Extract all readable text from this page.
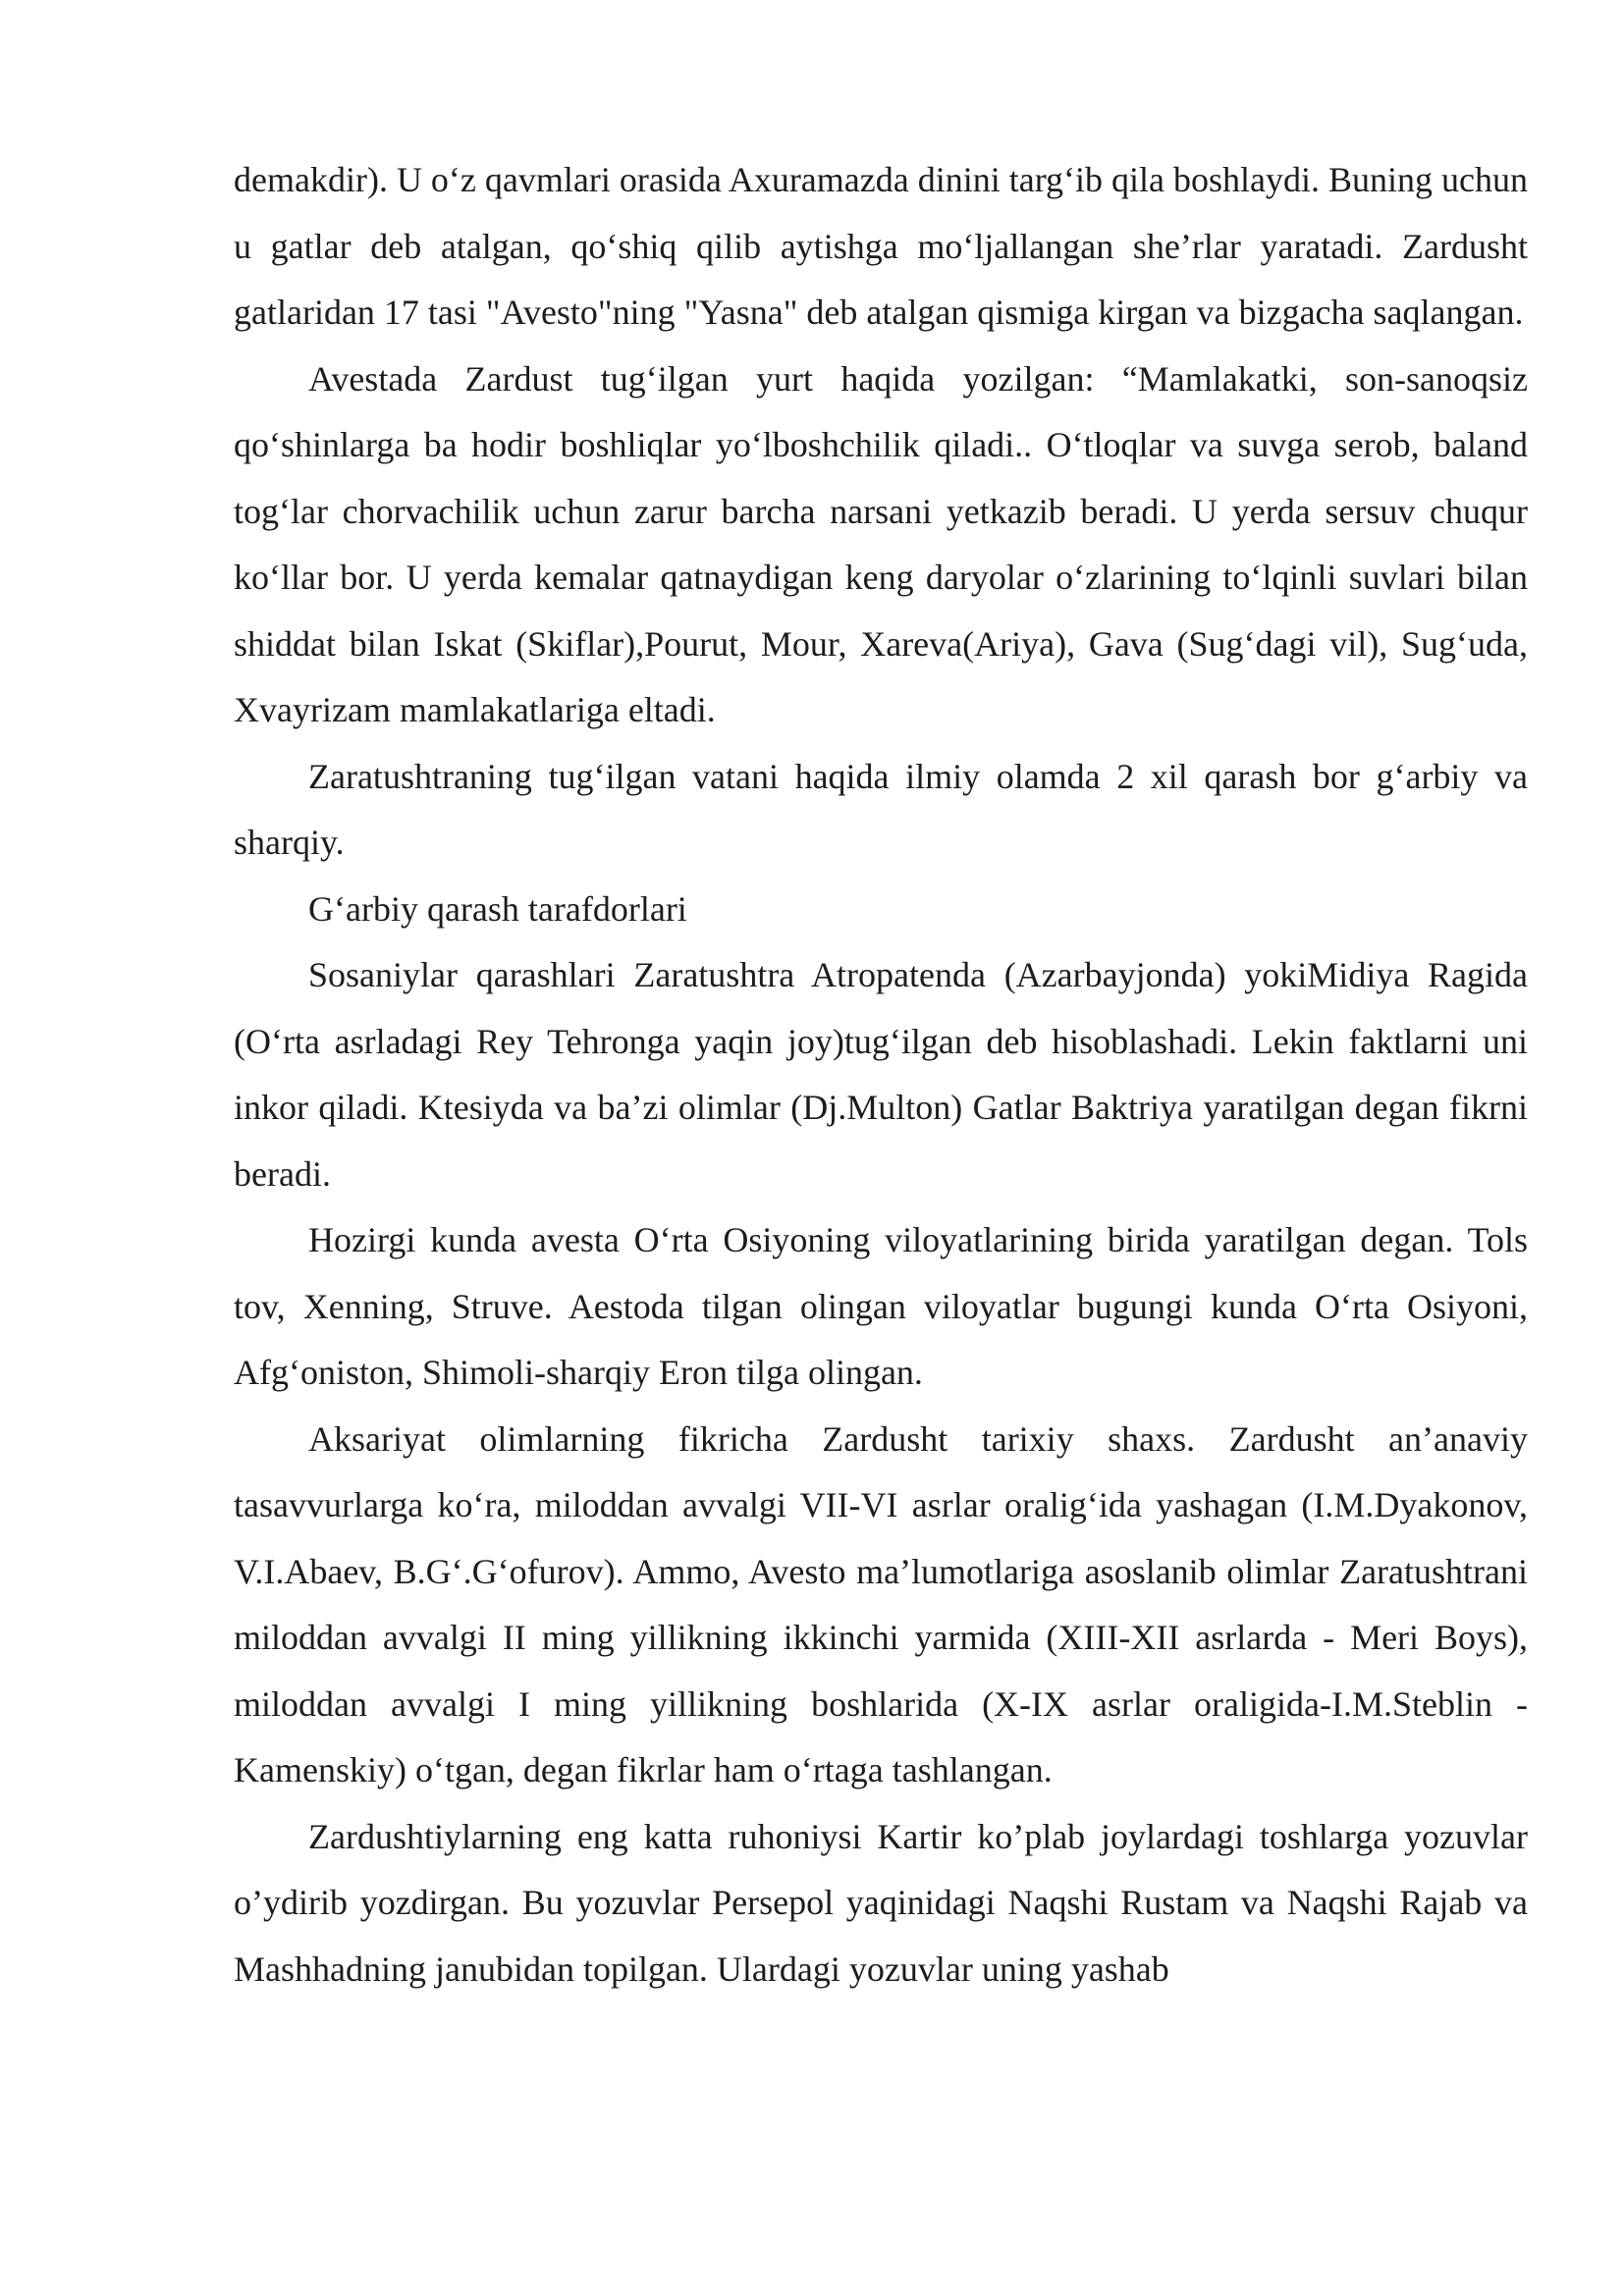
demakdir). U o‘z qavmlari orasida Axuramazda dinini targ‘ib qila boshlaydi. Buning uchun u gatlar deb atalgan, qo‘shiq qilib aytishga mo‘ljallangan she’rlar yaratadi. Zardusht gatlaridan 17 tasi "Avesto"ning "Yasna" deb atalgan qismiga kirgan va bizgacha saqlangan.

Avestada Zardust tug‘ilgan yurt haqida yozilgan: “Mamlakatki, son-sanoqsiz qo‘shinlarga ba hodir boshliqlar yo‘lboshchilik qiladi.. O‘tloqlar va suvga serob, baland tog‘lar chorvachilik uchun zarur barcha narsani yetkazib beradi. U yerda sersuv chuqur ko‘llar bor. U yerda kemalar qatnaydigan keng daryolar o‘zlarining to‘lqinli suvlari bilan shiddat bilan Iskat (Skiflar),Pourut, Mour, Xareva(Ariya), Gava (Sug‘dagi vil), Sug‘uda, Xvayrizam mamlakatlariga eltadi.

Zaratushtraning tug‘ilgan vatani haqida ilmiy olamda 2 xil qarash bor g‘arbiy va sharqiy.

G‘arbiy qarash tarafdorlari

Sosaniylar qarashlari Zaratushtra Atropatenda (Azarbayjonda) yokiMidiya Ragida (O‘rta asrladagi Rey Tehronga yaqin joy)tug‘ilgan deb hisoblashadi. Lekin faktlarni uni inkor qiladi. Ktesiyda va ba’zi olimlar (Dj.Multon) Gatlar Baktriya yaratilgan degan fikrni beradi.

Hozirgi kunda avesta O‘rta Osiyoning viloyatlarining birida yaratilgan degan. Tols tov, Xenning, Struve. Aestoda tilgan olingan viloyatlar bugungi kunda O‘rta Osiyoni, Afg‘oniston, Shimoli-sharqiy Eron tilga olingan.

Aksariyat olimlarning fikricha Zardusht tarixiy shaxs. Zardusht an’anaviy tasavvurlarga ko‘ra, miloddan avvalgi VII-VI asrlar oralig‘ida yashagan (I.M.Dyakonov, V.I.Abaev, B.G‘.G‘ofurov). Ammo, Avesto ma’lumotlariga asoslanib olimlar Zaratushtrani miloddan avvalgi II ming yillikning ikkinchi yarmida (XIII-XII asrlarda - Meri Boys), miloddan avvalgi I ming yillikning boshlarida (X-IX asrlar oraligida-I.M.Steblin - Kamenskiy) o‘tgan, degan fikrlar ham o‘rtaga tashlangan.

Zardushtiylarning eng katta ruhoniysi Kartir ko’plab joylardagi toshlarga yozuvlar o’ydirib yozdirgan. Bu yozuvlar Persepol yaqinidagi Naqshi Rustam va Naqshi Rajab va Mashhadning janubidan topilgan. Ulardagi yozuvlar uning yashab
